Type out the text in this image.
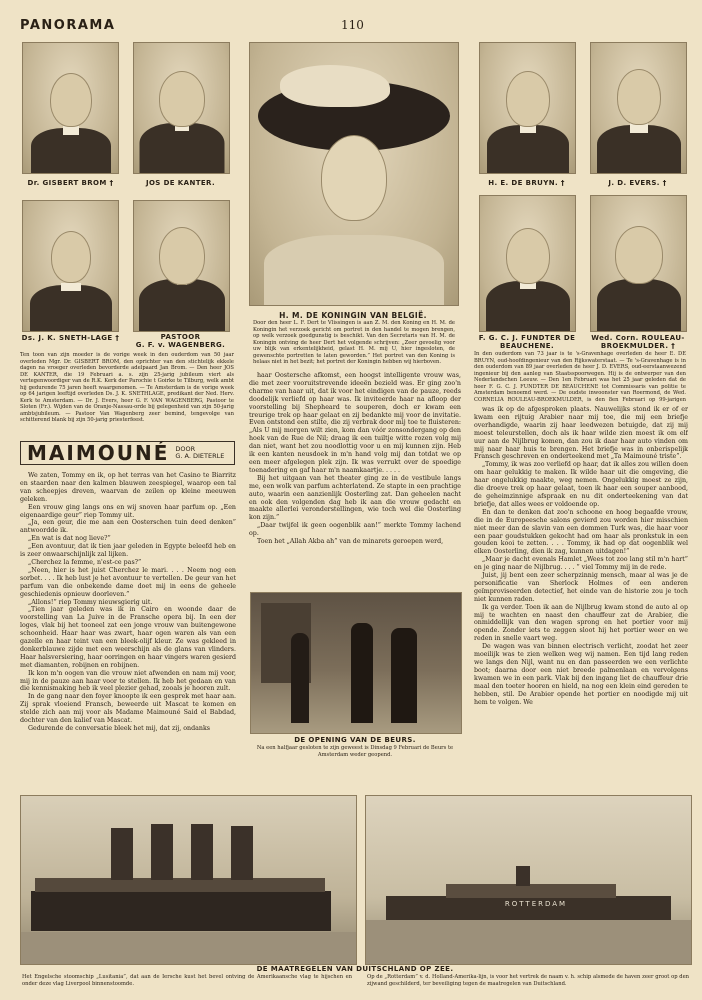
PANORAMA	110
Dr. GISBERT BROM †	JOS DE KANTER.
Ds. J. K. SNETH-LAGE †	PASTOOR
G. F. v. WAGENBERG.
Ten toon van zijn moeder is de vorige week in den ouderdom van 50 jaar overleden Mgr. Dr. GISBERT BROM, den oprichter van den stichtelijk ekkele dagen na vroeger overleden bevorderde adelpaard Jan Brom. — Den heer JOS DE KANTER, die 19 Februari a. s. zijn 25-jarig jubileum viert als vertegenwoordiger van de R.K. Kerk der Parochie t Goirke te Tilburg, welk ambt hij gedurende 75 jaren heeft waargenomen. — Te Amsterdam is de vorige week op 64 jarigen leeftijd overleden Ds. J. K. SNETHLAGE, predikant der Ned. Herv. Kerk te Amsterdam. — Dr. J. Evers, heer G. F. VAN WAGENBERG, Pastoor te Sloten (Fr.). Wijden van de Oranje-Nassau-orde bij gelegenheid van zijn 50-jarig ambtsjubileum. — Pastoor Van Wagenberg zeer bemind, tengevolge van schitterend blank bij zijn 50-jarig priesterfeest.
H. M. DE KONINGIN VAN BELGIË.
Door den heer L. F. Dert te Vlissingen is aan Z. M. den Koning en H. M. de Koningin het verzoek gericht om portret in den handel te mogen brengen, op welk verzoek goedgunstig is beschikt. Van den Secretaris van H. M. de Koningin ontving de heer Dert het volgende schrijven: „Zeer gevoelig voor uw blijk van erkentelijkheid, gelast H. M. mij U, hier ingesloten, de gewenschte portretten te laten geworden.” Het portret van den Koning is helaas niet in het bezit; het portret der Koningin hebben wij hierboven.
H. E. DE BRUYN. †	J. D. EVERS. †
F. G. C. J. FUNDTER DE BEAUCHENE.
Wed. Corn. ROULEAU-BROEKMULDER. †
In den ouderdom van 73 jaar is te 's-Gravenhage overleden de heer E. DE BRUYN, oud-hoofdingenieur van den Rijkswaterstaat. — Te 's-Gravenhage is in den ouderdom van 89 jaar overleden de heer J. D. EVERS, oud-eerstaanwezend ingenieur bij den aanleg van Staatsspoorwegen. Hij is de ontwerper van den Nederlandschen Leeuw. — Den 1en Februari was het 25 jaar geleden dat de heer F. G. C. J. FUNDTER DE BEAUCHENE tot Commissaris van politie te Amsterdam benoemd werd. — De oudste inwoonster van Roermond, de Wed. CORNELIA ROULEAU-BROEKMULDER, is den 8en Februari op 99-jarigen
MAIMOUNÉ DOOR
G. A. DIETERLE

We zaten, Tommy en ik, op het terras van het Casino te Biarritz en staarden naar den kalmen blauwen zeespiegel, waarop een tal van scheepjes dreven, waarvan de zeilen op kleine meeuwen geleken.

Een vrouw ging langs ons en wij snoven haar parfum op. „Een eigenaardige geur” riep Tommy uit.

„Ja, een geur, die me aan een Oosterschen tuin deed denken” antwoordde ik.

„En wat is dat nog lieve?”

„Een avontuur, dat ik tien jaar geleden in Egypte beleefd heb en is zeer onwaarschijnlijk zal lijken.

„Cherchez la femme, n'est-ce pas?”

„Neen, hier is het juist Cherchez le mari. . . . Neem nog een sorbet. . . . Ik heb lust je het avontuur te vertellen. De geur van het parfum van die onbekende dame doet mij in eens de geheele geschiedenis opnieuw doorleven.”

„Allons!” riep Tommy nieuwsgierig uit.

„Tien jaar geleden was ik in Cairo en woonde daar de voorstelling van La Juive in de Fransche opera bij. In een der loges, vlak bij het tooneel zat een jonge vrouw van buitengewone schoonheid. Haar haar was zwart, haar ogen waren als van een gazelle en haar teint van een bleek-olijf kleur. Ze was gekleed in donkerblauwe zijde met een weerschijn als de glans van vlinders. Haar halsversiering, haar oorringen en haar vingers waren gesierd met diamanten, robijnen en robijnen.

Ik kon m'n oogen van die vrouw niet afwenden en nam mij voor, mij in de pauze aan haar voor te stellen. Ik heb het gedaan en van die kennismaking heb ik veel plezier gehad, zooals je hooren zult.

In de gang naar den foyer knoopte ik een gesprek met haar aan. Zij sprak vloeiend Fransch, beweerde uit Mascat te komen en stelde zich aan mij voor als Madame Maimouné Said el Babdad, dochter van den kalief van Mascat.

Gedurende de conversatie bleek het mij, dat zij, ondanks

haar Oostersche afkomst, een hoogst intelligente vrouw was, die met zeer vooruitstrevende ideeën bezield was. Er ging zoo'n charme van haar uit, dat ik voor het eindigen van de pauze, reeds doodelijk verliefd op haar was. Ik inviteerde haar na afloop der voorstelling bij Shepheard te souperen, doch er kwam een treurige trek op haar gelaat en zij bedankte mij voor de invitatie. Even ontstond een stilte, die zij verbrak door mij toe te fluisteren: „Als U mij morgen wilt zien, kom dan vóór zonsondergang op den hoek van de Rue de Nil; draag ik een tuiltje witte rozen volg mij dan niet, want het zou noodlottig voor u en mij kunnen zijn. Heb ik een kanten neusdoek in m'n hand volg mij dan totdat we op een meer afgelegen plek zijn. Ik was verrukt over de spoedige toenadering en gaf haar m'n naamkaartje. . . . .

Bij het uitgaan van het theater ging ze in de vestibule langs me, een wolk van parfum achterlatend. Ze stapte in een prachtige auto, waarin een aanzienlijk Oosterling zat. Dan geheelen nacht en ook den volgenden dag heb ik aan die vrouw gedacht en maakte allerlei veronderstellingen, wie toch wel die Oosterling kon zijn.”

„Daar twijfel ik geen oogenblik aan!” merkte Tommy lachend op.

Toen het „Allah Akba ah” van de minarets geroepen werd,

DE OPENING VAN DE BEURS.
Na een halfjaar gesloten te zijn geweest is Dinsdag 9 Februari de Beurs te Amsterdam weder geopend.

was ik op de afgesproken plaats. Nauwelijks stond ik er of er kwam een rijtuig Arabier naar mij toe, die mij een briefje overhandigde, waarin zij haar leedwezen betuigde, dat zij mij moest teleurstellen, doch als ik haar wilde zien moest ik om elf uur aan de Nijlbrug komen, dan zou ik daar haar auto vinden om mij naar haar huis te brengen. Het briefje was in onberispelijk Fransch geschreven en onderteekend met „Ta Maimouné triste”.

„Tommy, ik was zoo verliefd op haar, dat ik alles zou willen doen om haar gelukkig te maken. Ik wilde haar uit die omgeving, die haar ongelukkig maakte, weg nemen. Ongelukkig moest ze zijn, die droeve trek op haar gelaat, toen ik haar een souper aanbood, de geheimzinnige afspraak en nu dit onderteekening van dat briefje, dat alles wees er voldoende op.

En dan te denken dat zoo'n schoone en hoog begaafde vrouw, die in de Europeesche salons gevierd zou worden hier misschien niet meer dan de slavin van een dommen Turk was, die haar voor een paar goudstukken gekocht had om haar als pronkstuk in een gouden kooi te zetten. . . . Tommy, ik had op dat oogenblik wel elken Oosterling, dien ik zag, kunnen uitdagen!”

„Maar je dacht evenals Hamlet „Wees tot zoo lang stil m'n hart” en je ging naar de Nijlbrug. . . . ” viel Tommy mij in de rede.

Juist, jij bent een zeer scherpzinnig mensch, maar al was je de personificatie van Sherlock Holmes of een anderen geïmproviseerden detectief, het einde van de historie zou je toch niet kunnen raden.

Ik ga verder. Toen ik aan de Nijlbrug kwam stond de auto al op mij te wachten en naast den chauffeur zat de Arabier, die onmiddellijk van den wagen sprong en het portier voor mij opende. Zonder iets te zeggen sloot hij het portier weer en we reden in snelle vaart weg.

De wagen was van binnen electrisch verlicht, zoodat het zeer moeilijk was te zien welken weg wij namen. Een tijd lang reden we langs den Nijl, want nu en dan passeerden we een verlichte boot; daarna door een niet breede palmenlaan en vervolgens kwamen we in een park. Vlak bij den ingang liet de chauffeur drie maal den toeter hooren en hield, na nog een klein eind gereden te hebben, stil. De Arabier opende het portier en noodigde mij uit hem te volgen. We

ROTTERDAM
DE MAATREGELEN VAN DUITSCHLAND OP ZEE.
Het Engelsche stoomschip „Lusitania”, dat aan de Iersche kust het bevel ontving de Amerikaansche vlag te hijschen en onder deze vlag Liverpool binnenstoomde.
Op de „Rotterdam” v. d. Holland-Amerika-lijn, is voor het vertrek de naam v. h. schip alsmede de haven zeer groot op den zijwand geschilderd, ter beveiliging tegen de maatregelen van Duitschland.
